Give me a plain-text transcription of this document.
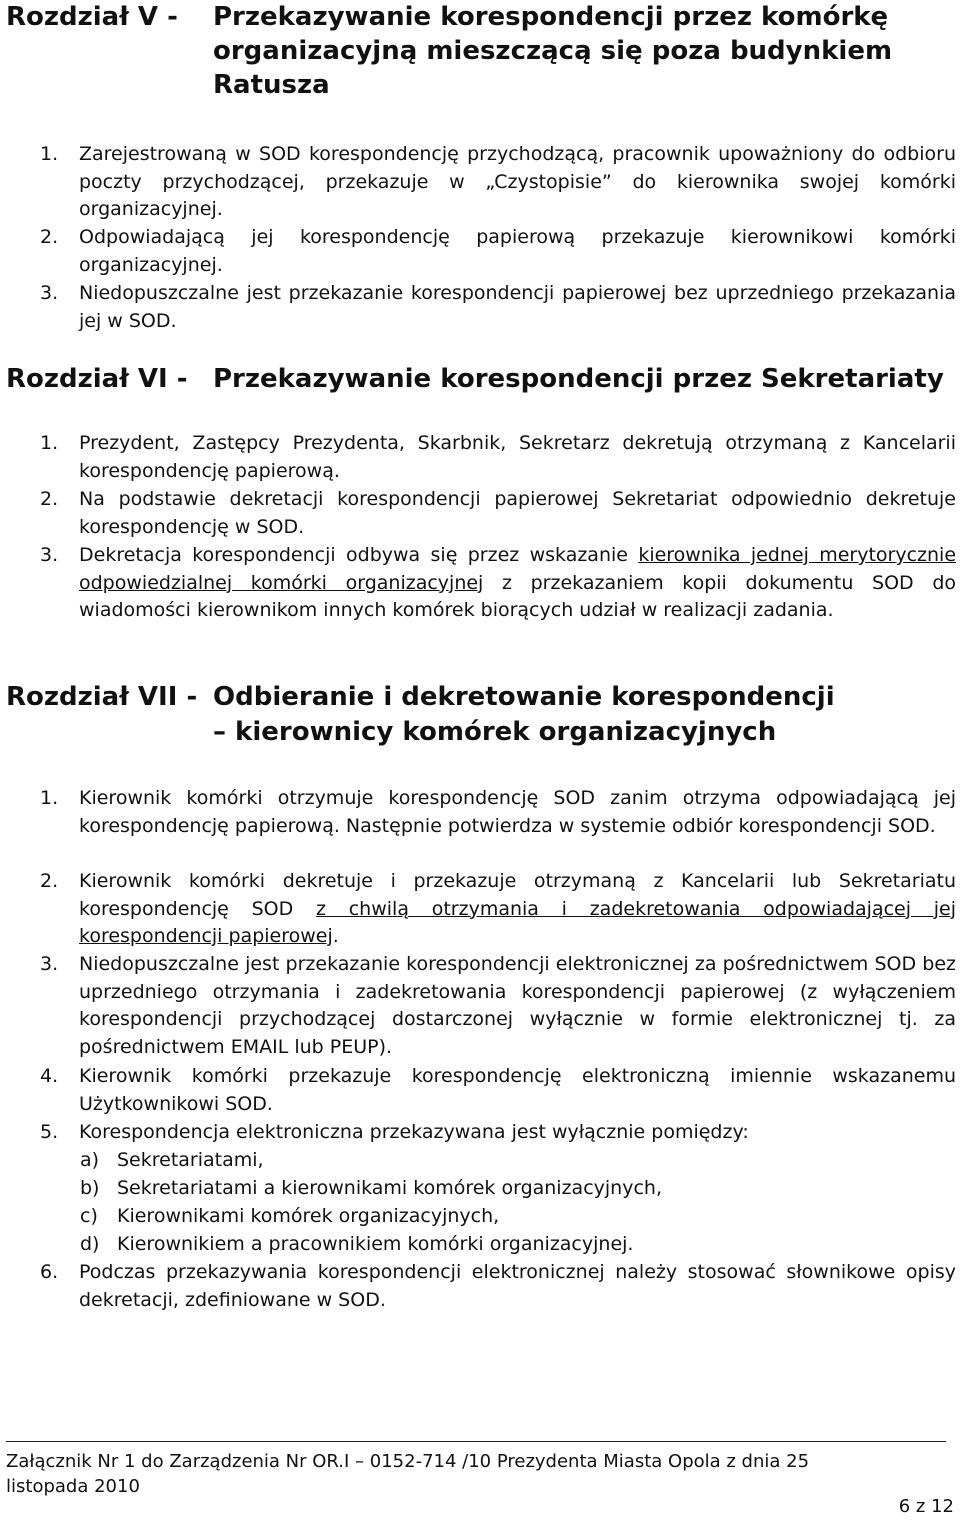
Rozdział V - Przekazywanie korespondencji przez komórkę
organizacyjną mieszczącą się poza budynkiem
Ratusza
1. Zarejestrowaną w SOD korespondencję przychodzącą, pracownik upoważniony do odbioru poczty przychodzącej, przekazuje w „Czystopisie” do kierownika swojej komórki organizacyjnej.
2. Odpowiadającą jej korespondencję papierową przekazuje kierownikowi komórki organizacyjnej.
3. Niedopuszczalne jest przekazanie korespondencji papierowej bez uprzedniego przekazania jej w SOD.
Rozdział VI - Przekazywanie korespondencji przez Sekretariaty
1. Prezydent, Zastępcy Prezydenta, Skarbnik, Sekretarz dekretują otrzymaną z Kancelarii korespondencję papierową.
2. Na podstawie dekretacji korespondencji papierowej Sekretariat odpowiednio dekretuje korespondencję w SOD.
3. Dekretacja korespondencji odbywa się przez wskazanie kierownika jednej merytorycznie odpowiedzialnej komórki organizacyjnej z przekazaniem kopii dokumentu SOD do wiadomości kierownikom innych komórek biorących udział w realizacji zadania.
Rozdział VII - Odbieranie i dekretowanie korespondencji
– kierownicy komórek organizacyjnych
1. Kierownik komórki otrzymuje korespondencję SOD zanim otrzyma odpowiadającą jej korespondencję papierową. Następnie potwierdza w systemie odbiór korespondencji SOD.
2. Kierownik komórki dekretuje i przekazuje otrzymaną z Kancelarii lub Sekretariatu korespondencję SOD z chwilą otrzymania i zadekretowania odpowiadającej jej korespondencji papierowej.
3. Niedopuszczalne jest przekazanie korespondencji elektronicznej za pośrednictwem SOD bez uprzedniego otrzymania i zadekretowania korespondencji papierowej (z wyłączeniem korespondencji przychodzącej dostarczonej wyłącznie w formie elektronicznej tj. za pośrednictwem EMAIL lub PEUP).
4. Kierownik komórki przekazuje korespondencję elektroniczną imiennie wskazanemu Użytkownikowi SOD.
5. Korespondencja elektroniczna przekazywana jest wyłącznie pomiędzy:
a) Sekretariatami,
b) Sekretariatami a kierownikami komórek organizacyjnych,
c) Kierownikami komórek organizacyjnych,
d) Kierownikiem a pracownikiem komórki organizacyjnej.
6. Podczas przekazywania korespondencji elektronicznej należy stosować słownikowe opisy dekretacji, zdefiniowane w SOD.
Załącznik Nr 1 do Zarządzenia Nr OR.I – 0152-714 /10 Prezydenta Miasta Opola z dnia 25 listopada 2010
6 z 12
